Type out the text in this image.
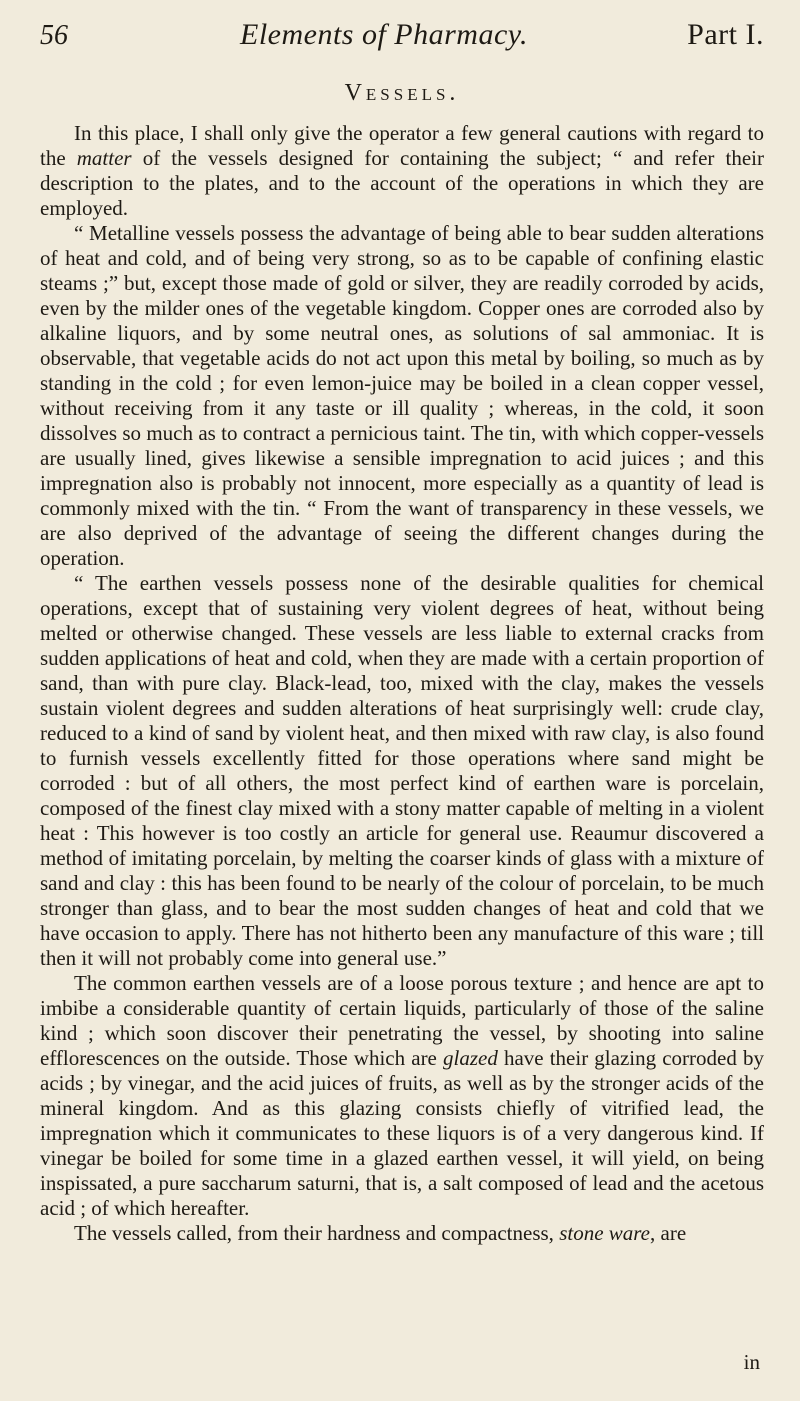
56	Elements of Pharmacy.	Part I.
Vessels.

In this place, I shall only give the operator a few general cautions with regard to the matter of the vessels designed for containing the subject; “ and refer their description to the plates, and to the account of the operations in which they are employed.

“ Metalline vessels possess the advantage of being able to bear sudden alterations of heat and cold, and of being very strong, so as to be capable of confining elastic steams ;” but, except those made of gold or silver, they are readily corroded by acids, even by the milder ones of the vegetable kingdom. Copper ones are corroded also by alkaline liquors, and by some neutral ones, as solutions of sal ammoniac. It is observable, that vegetable acids do not act upon this metal by boiling, so much as by standing in the cold ; for even lemon-juice may be boiled in a clean copper vessel, without receiving from it any taste or ill quality ; whereas, in the cold, it soon dissolves so much as to contract a pernicious taint. The tin, with which copper-vessels are usually lined, gives likewise a sensible impregnation to acid juices ; and this impregnation also is probably not innocent, more especially as a quantity of lead is commonly mixed with the tin. “ From the want of transparency in these vessels, we are also deprived of the advantage of seeing the different changes during the operation.

“ The earthen vessels possess none of the desirable qualities for chemical operations, except that of sustaining very violent degrees of heat, without being melted or otherwise changed. These vessels are less liable to external cracks from sudden applications of heat and cold, when they are made with a certain proportion of sand, than with pure clay. Black-lead, too, mixed with the clay, makes the vessels sustain violent degrees and sudden alterations of heat surprisingly well: crude clay, reduced to a kind of sand by violent heat, and then mixed with raw clay, is also found to furnish vessels excellently fitted for those operations where sand might be corroded : but of all others, the most perfect kind of earthen ware is porcelain, composed of the finest clay mixed with a stony matter capable of melting in a violent heat : This however is too costly an article for general use. Reaumur discovered a method of imitating porcelain, by melting the coarser kinds of glass with a mixture of sand and clay : this has been found to be nearly of the colour of porcelain, to be much stronger than glass, and to bear the most sudden changes of heat and cold that we have occasion to apply. There has not hitherto been any manufacture of this ware ; till then it will not probably come into general use.”

The common earthen vessels are of a loose porous texture ; and hence are apt to imbibe a considerable quantity of certain liquids, particularly of those of the saline kind ; which soon discover their penetrating the vessel, by shooting into saline efflorescences on the outside. Those which are glazed have their glazing corroded by acids ; by vinegar, and the acid juices of fruits, as well as by the stronger acids of the mineral kingdom. And as this glazing consists chiefly of vitrified lead, the impregnation which it communicates to these liquors is of a very dangerous kind. If vinegar be boiled for some time in a glazed earthen vessel, it will yield, on being inspissated, a pure saccharum saturni, that is, a salt composed of lead and the acetous acid ; of which hereafter.

The vessels called, from their hardness and compactness, stone ware, are

in
